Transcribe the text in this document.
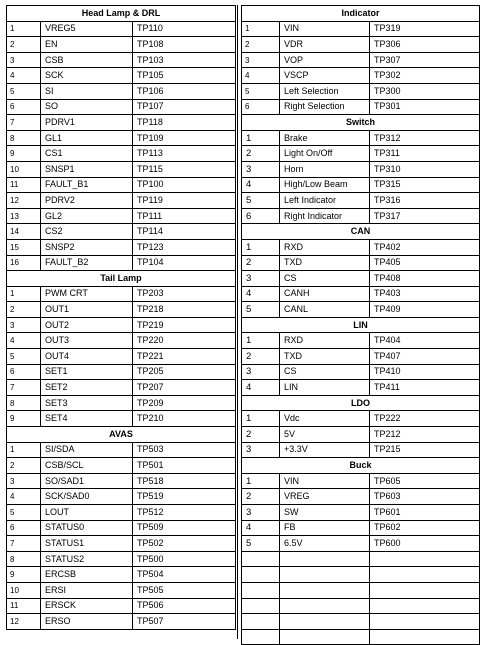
Head Lamp & DRL		
1	VREG5	TP110
2	EN	TP108
3	CSB	TP103
4	SCK	TP105
5	SI	TP106
6	SO	TP107
7	PDRV1	TP118
8	GL1	TP109
9	CS1	TP113
10	SNSP1	TP115
11	FAULT_B1	TP100
12	PDRV2	TP119
13	GL2	TP111
14	CS2	TP114
15	SNSP2	TP123
16	FAULT_B2	TP104
Tail Lamp		
1	PWM CRT	TP203
2	OUT1	TP218
3	OUT2	TP219
4	OUT3	TP220
5	OUT4	TP221
6	SET1	TP205
7	SET2	TP207
8	SET3	TP209
9	SET4	TP210
AVAS		
1	SI/SDA	TP503
2	CSB/SCL	TP501
3	SO/SAD1	TP518
4	SCK/SAD0	TP519
5	LOUT	TP512
6	STATUS0	TP509
7	STATUS1	TP502
8	STATUS2	TP500
9	ERCSB	TP504
10	ERSI	TP505
11	ERSCK	TP506
12	ERSO	TP507
Indicator		
1	VIN	TP319
2	VDR	TP306
3	VOP	TP307
4	VSCP	TP302
5	Left Selection	TP300
6	Right Selection	TP301
Switch		
1	Brake	TP312
2	Light On/Off	TP311
3	Horn	TP310
4	High/Low Beam	TP315
5	Left Indicator	TP316
6	Right Indicator	TP317
CAN		
1	RXD	TP402
2	TXD	TP405
3	CS	TP408
4	CANH	TP403
5	CANL	TP409
LIN		
1	RXD	TP404
2	TXD	TP407
3	CS	TP410
4	LIN	TP411
LDO		
1	Vdc	TP222
2	5V	TP212
3	+3.3V	TP215
Buck		
1	VIN	TP605
2	VREG	TP603
3	SW	TP601
4	FB	TP602
5	6.5V	TP600
